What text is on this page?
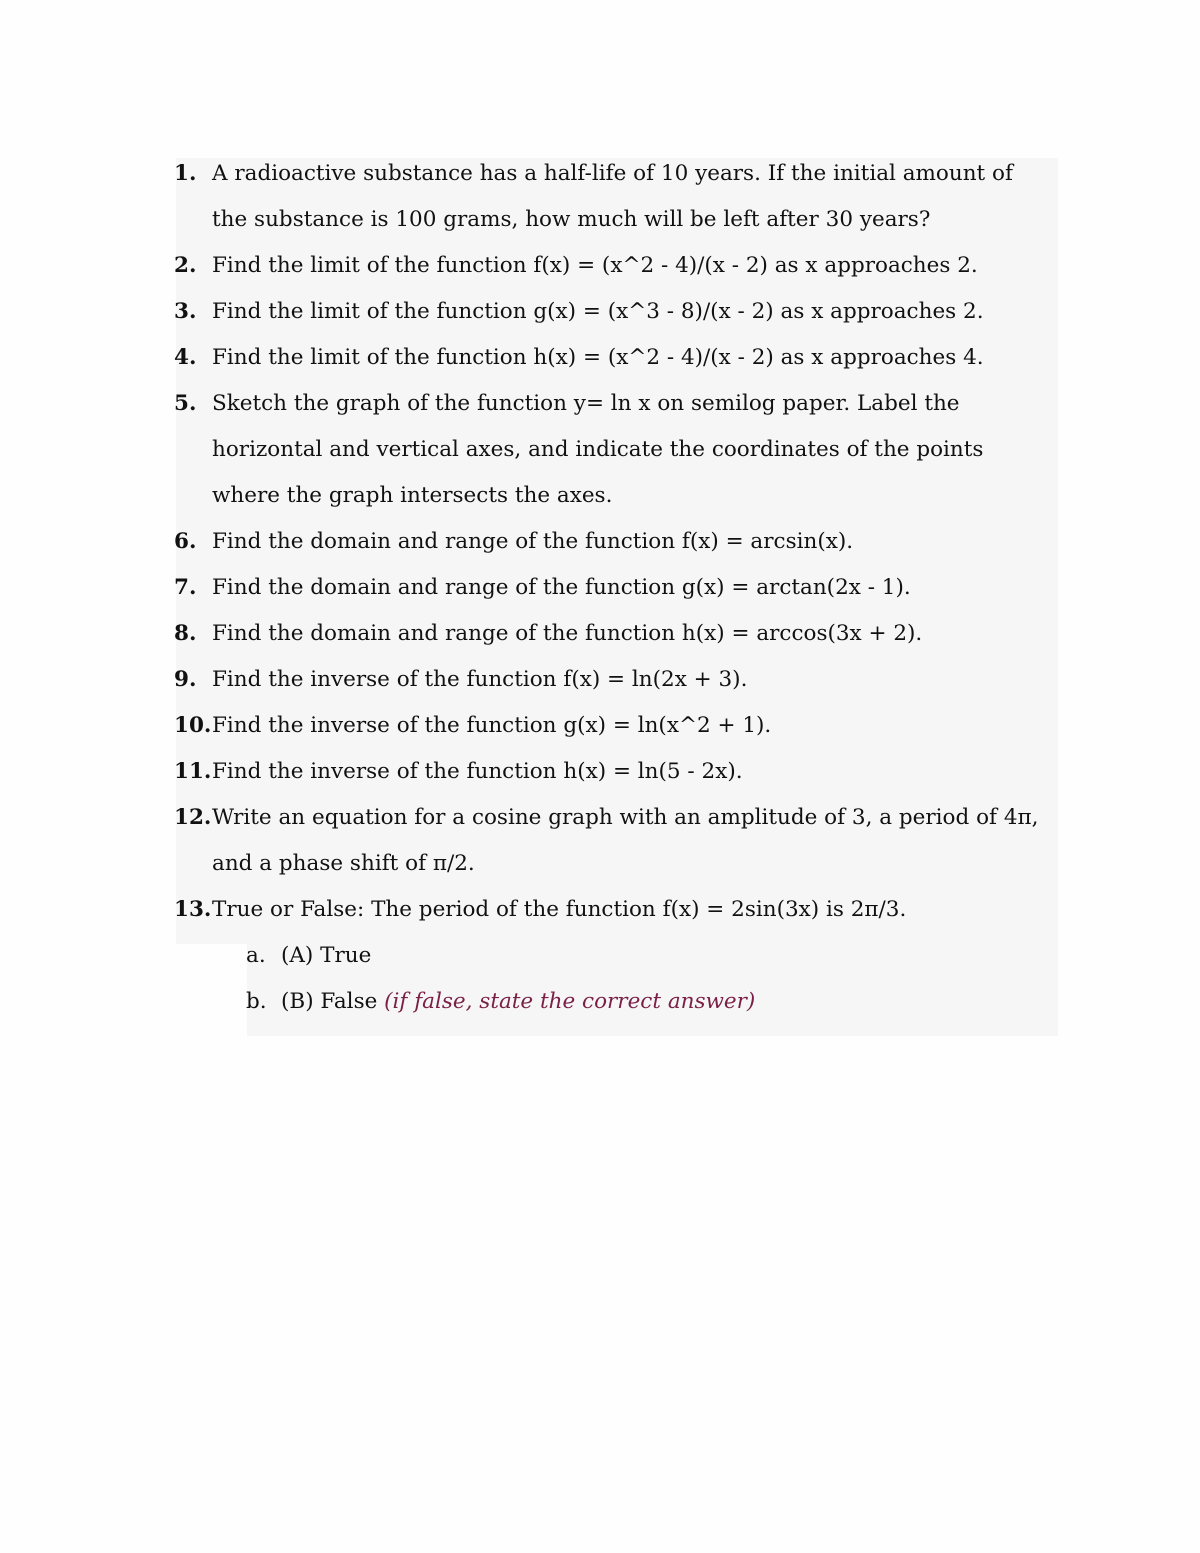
1. A radioactive substance has a half-life of 10 years. If the initial amount of the substance is 100 grams, how much will be left after 30 years?
2. Find the limit of the function f(x) = (x^2 - 4)/(x - 2) as x approaches 2.
3. Find the limit of the function g(x) = (x^3 - 8)/(x - 2) as x approaches 2.
4. Find the limit of the function h(x) = (x^2 - 4)/(x - 2) as x approaches 4.
5. Sketch the graph of the function y= ln x on semilog paper. Label the horizontal and vertical axes, and indicate the coordinates of the points where the graph intersects the axes.
6. Find the domain and range of the function f(x) = arcsin(x).
7. Find the domain and range of the function g(x) = arctan(2x - 1).
8. Find the domain and range of the function h(x) = arccos(3x + 2).
9. Find the inverse of the function f(x) = ln(2x + 3).
10. Find the inverse of the function g(x) = ln(x^2 + 1).
11. Find the inverse of the function h(x) = ln(5 - 2x).
12. Write an equation for a cosine graph with an amplitude of 3, a period of 4π, and a phase shift of π/2.
13. True or False: The period of the function f(x) = 2sin(3x) is 2π/3.
a. (A) True
b. (B) False (if false, state the correct answer)
